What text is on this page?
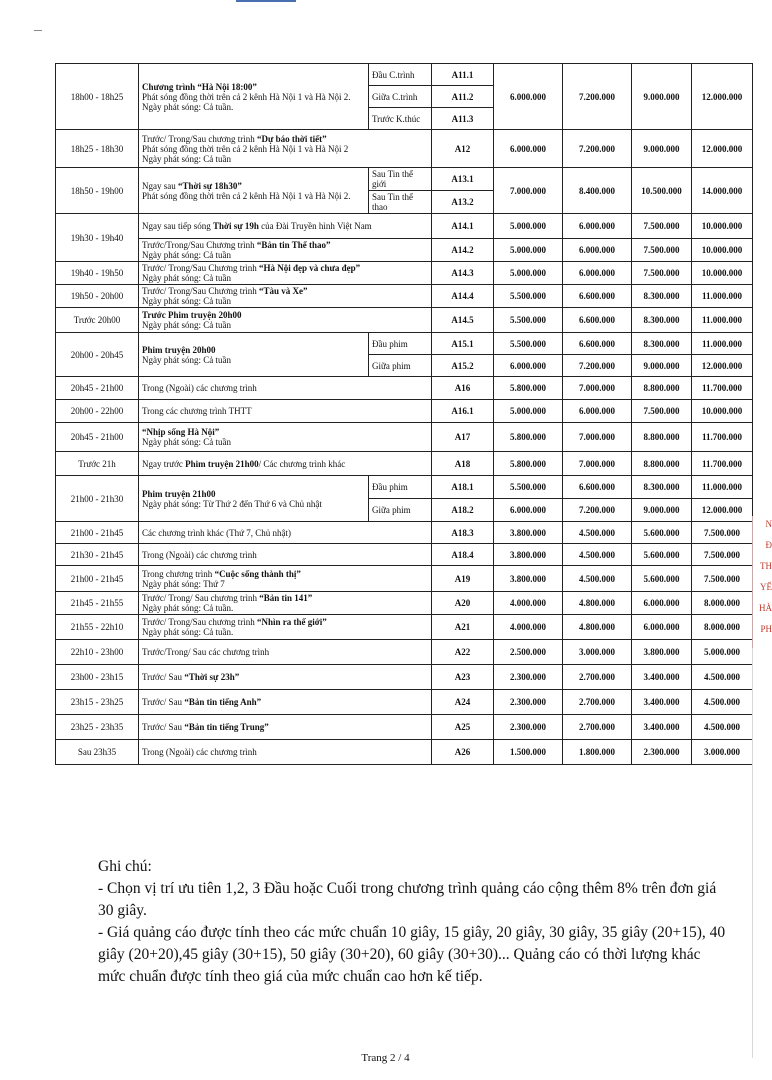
18h00 - 18h25	Chương trình “Hà Nội 18:00”
Phát sóng đồng thời trên cả 2 kênh Hà Nội 1 và Hà Nội 2.
Ngày phát sóng: Cả tuần.	Đầu C.trình	A11.1	6.000.000	7.200.000	9.000.000	12.000.000
		Giữa C.trình	A11.2				
		Trước K.thúc	A11.3				
18h25 - 18h30	Trước/ Trong/Sau chương trình “Dự báo thời tiết”
Phát sóng đồng thời trên cả 2 kênh Hà Nội 1 và Hà Nội 2
Ngày phát sóng: Cả tuần		A12	6.000.000	7.200.000	9.000.000	12.000.000
18h50 - 19h00	Ngay sau “Thời sự 18h30”
Phát sóng đồng thời trên cả 2 kênh Hà Nội 1 và Hà Nội 2.	Sau Tin thể giới	A13.1	7.000.000	8.400.000	10.500.000	14.000.000
		Sau Tin thể thao	A13.2				
19h30 - 19h40	Ngay sau tiếp sóng Thời sự 19h của Đài Truyền hình Việt Nam		A14.1	5.000.000	6.000.000	7.500.000	10.000.000

	Trước/Trong/Sau Chương trình “Bản tin Thể thao”
Ngày phát sóng: Cả tuần		A14.2	5.000.000	6.000.000	7.500.000	10.000.000
19h40 - 19h50	Trước/ Trong/Sau Chương trình “Hà Nội đẹp và chưa đẹp”
Ngày phát sóng: Cả tuần		A14.3	5.000.000	6.000.000	7.500.000	10.000.000
19h50 - 20h00	Trước/ Trong/Sau Chương trình “Tàu và Xe”
Ngày phát sóng: Cả tuần		A14.4	5.500.000	6.600.000	8.300.000	11.000.000
Trước 20h00	Trước Phim truyện 20h00
Ngày phát sóng: Cả tuần		A14.5	5.500.000	6.600.000	8.300.000	11.000.000
20h00 - 20h45	Phim truyện 20h00
Ngày phát sóng: Cả tuần	Đầu phim	A15.1	5.500.000	6.600.000	8.300.000	11.000.000
		Giữa phim	A15.2	6.000.000	7.200.000	9.000.000	12.000.000
20h45 - 21h00	Trong (Ngoài) các chương trình		A16	5.800.000	7.000.000	8.800.000	11.700.000
20h00 - 22h00	Trong các chương trình THTT		A16.1	5.000.000	6.000.000	7.500.000	10.000.000
20h45 - 21h00	“Nhịp sống Hà Nội”
Ngày phát sóng: Cả tuần		A17	5.800.000	7.000.000	8.800.000	11.700.000
Trước 21h	Ngay trước Phim truyện 21h00/ Các chương trình khác		A18	5.800.000	7.000.000	8.800.000	11.700.000
21h00 - 21h30	Phim truyện 21h00
Ngày phát sóng: Từ Thứ 2 đến Thứ 6 và Chủ nhật	Đầu phim	A18.1	5.500.000	6.600.000	8.300.000	11.000.000
		Giữa phim	A18.2	6.000.000	7.200.000	9.000.000	12.000.000
21h00 - 21h45	Các chương trình khác (Thứ 7, Chủ nhật)		A18.3	3.800.000	4.500.000	5.600.000	7.500.000
21h30 - 21h45	Trong (Ngoài) các chương trình		A18.4	3.800.000	4.500.000	5.600.000	7.500.000
21h00 - 21h45	Trong chương trình “Cuộc sống thành thị”
Ngày phát sóng: Thứ 7		A19	3.800.000	4.500.000	5.600.000	7.500.000
21h45 - 21h55	Trước/ Trong/ Sau chương trình “Bản tin 141”
Ngày phát sóng: Cả tuần.		A20	4.000.000	4.800.000	6.000.000	8.000.000
21h55 - 22h10	Trước/ Trong/Sau chương trình “Nhìn ra thế giới”
Ngày phát sóng: Cả tuần.		A21	4.000.000	4.800.000	6.000.000	8.000.000
22h10 - 23h00	Trước/Trong/ Sau các chương trình		A22	2.500.000	3.000.000	3.800.000	5.000.000
23h00 - 23h15	Trước/ Sau “Thời sự 23h”		A23	2.300.000	2.700.000	3.400.000	4.500.000
23h15 - 23h25	Trước/ Sau “Bản tin tiếng Anh”		A24	2.300.000	2.700.000	3.400.000	4.500.000
23h25 - 23h35	Trước/ Sau “Bản tin tiếng Trung”		A25	2.300.000	2.700.000	3.400.000	4.500.000
Sau 23h35	Trong (Ngoài) các chương trình		A26	1.500.000	1.800.000	2.300.000	3.000.000

Ghi chú:

- Chọn vị trí ưu tiên 1,2, 3 Đầu hoặc Cuối trong chương trình quảng cáo cộng thêm 8% trên đơn giá 30 giây.

- Giá quảng cáo được tính theo các mức chuẩn 10 giây, 15 giây, 20 giây, 30 giây, 35 giây (20+15), 40 giây (20+20),45 giây (30+15), 50 giây (30+20), 60 giây (30+30)... Quảng cáo có thời lượng khác mức chuẩn được tính theo giá của mức chuẩn cao hơn kế tiếp.

Trang 2 / 4
N
Đ
TH
YẾ
HÀ
PH
